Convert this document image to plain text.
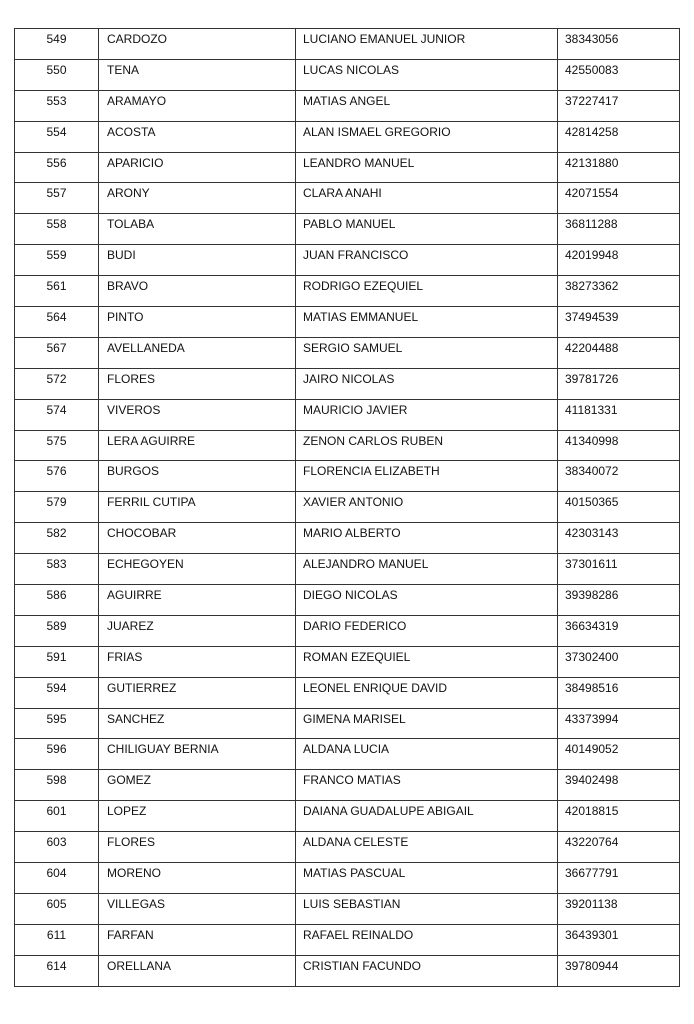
549	CARDOZO	LUCIANO EMANUEL JUNIOR	38343056

550	TENA	LUCAS NICOLAS	42550083

553	ARAMAYO	MATIAS ANGEL	37227417

554	ACOSTA	ALAN ISMAEL GREGORIO	42814258

556	APARICIO	LEANDRO MANUEL	42131880

557	ARONY	CLARA ANAHI	42071554

558	TOLABA	PABLO MANUEL	36811288

559	BUDI	JUAN FRANCISCO	42019948

561	BRAVO	RODRIGO EZEQUIEL	38273362

564	PINTO	MATIAS EMMANUEL	37494539

567	AVELLANEDA	SERGIO SAMUEL	42204488

572	FLORES	JAIRO NICOLAS	39781726

574	VIVEROS	MAURICIO JAVIER	41181331

575	LERA AGUIRRE	ZENON CARLOS RUBEN	41340998

576	BURGOS	FLORENCIA ELIZABETH	38340072

579	FERRIL CUTIPA	XAVIER ANTONIO	40150365

582	CHOCOBAR	MARIO ALBERTO	42303143

583	ECHEGOYEN	ALEJANDRO MANUEL	37301611

586	AGUIRRE	DIEGO NICOLAS	39398286

589	JUAREZ	DARIO FEDERICO	36634319

591	FRIAS	ROMAN EZEQUIEL	37302400

594	GUTIERREZ	LEONEL ENRIQUE DAVID	38498516

595	SANCHEZ	GIMENA MARISEL	43373994

596	CHILIGUAY BERNIA	ALDANA LUCIA	40149052

598	GOMEZ	FRANCO MATIAS	39402498

601	LOPEZ	DAIANA GUADALUPE ABIGAIL	42018815

603	FLORES	ALDANA CELESTE	43220764

604	MORENO	MATIAS PASCUAL	36677791

605	VILLEGAS	LUIS SEBASTIAN	39201138

611	FARFAN	RAFAEL REINALDO	36439301

614	ORELLANA	CRISTIAN FACUNDO	39780944
